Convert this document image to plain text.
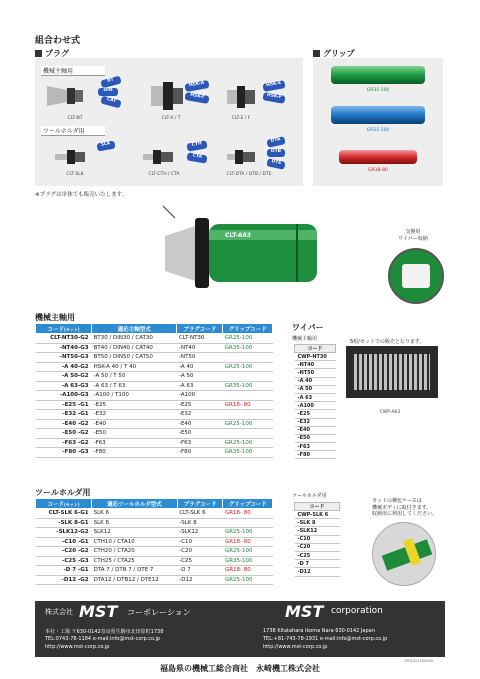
組合わせ式
プラグ
機械主軸用
ツールホルダ用
BT
DIN
CAT
CLT-NT
HSK-A
HSK-T
CLT-A / T
HSK-E
HSK-F
CLT-E / F
SLK
CLT-SLK
CTH
CTA
CLT-CTH / CTA
DTA
DTB
DTE
CLT-DTA / DTB / DTE
※プラグは単体でも販売いたします。
グリップ
GR35-100
GR25-100
GR18-80
CLT-A63	交換用
ワイパー収納
機械主軸用
コード(セット)	適応主軸型式	プラグコード	グリップコード
CLT-NT30-G2	BT30 / DIN30 / CAT30	CLT-NT30	GR25-100
-NT40-G3	BT40 / DIN40 / CAT40	-NT40	GR35-100
-NT50-G3	BT50 / DIN50 / CAT50	-NT50	
-A 40-G2	HSK-A 40 / T 40	-A 40	GR25-100
-A 50-G2	-A 50 / T 50	-A 50	
-A 63-G3	-A 63 / T 63	-A 63	GR35-100
-A100-G3	-A100 / T100	-A100	
-E25 -G1	-E25	-E25	GR18- 80
-E32 -G1	-E32	-E32	
-E40 -G2	-E40	-E40	GR25-100
-E50 -G2	-E50	-E50	
-F63 -G2	-F63	-F63	GR25-100
-F80 -G3	-F80	-F80	GR35-100
ツールホルダ用
コード(セット)	適応ツールホルダ型式	プラグコード	グリップコード
CLT-SLK 6-G1	SLK 6	CLT-SLK 6	GR18- 80
-SLK 8-G1	SLK 8	-SLK 8	
-SLK12-G2	SLK12	-SLK12	GR25-100
-C10 -G1	CTH10 / CTA10	-C10	GR18- 80
-C20 -G2	CTH20 / CTA20	-C20	GR25-100
-C25 -G3	CTH25 / CTA25	-C25	GR35-100
-D 7 -G1	DTA 7 / DTB 7 / DTE 7	-D 7	GR18- 80
-D12 -G2	DTA12 / DTB12 / DTE12	-D12	GR25-100
ワイパー
機械主軸用
コード
CWP-NT30
-NT40
-NT50
-A 40
-A 50
-A 63
-A100
-E25
-E32
-E40
-E50
-F63
-F80
5組/セットでの販売となります。
CWP-A63
ツールホルダ用
コード
CWP-SLK 6
-SLK 8
-SLK12
-C10
-C20
-C25
-D 7
-D12
セットの梱包ケースは
機械ボディに取付きます。
収納用に利用してください。
株式会社 MST コーポレーション	MST corporation
本社・工場 〒630-0142奈良県生駒市北田原町1738
TEL:0743-78-1184 e-mail:info@mst-corp.co.jp
http://www.mst-corp.co.jp
1738 Kitatahara Ikoma Nara 630-0142 Japan
TEL:+81-743-78-1931 e-mail:info@mst-corp.co.jp
http://www.mst-corp.co.jp
1901021500000
福島県の機械工総合商社　永崎機工株式会社
